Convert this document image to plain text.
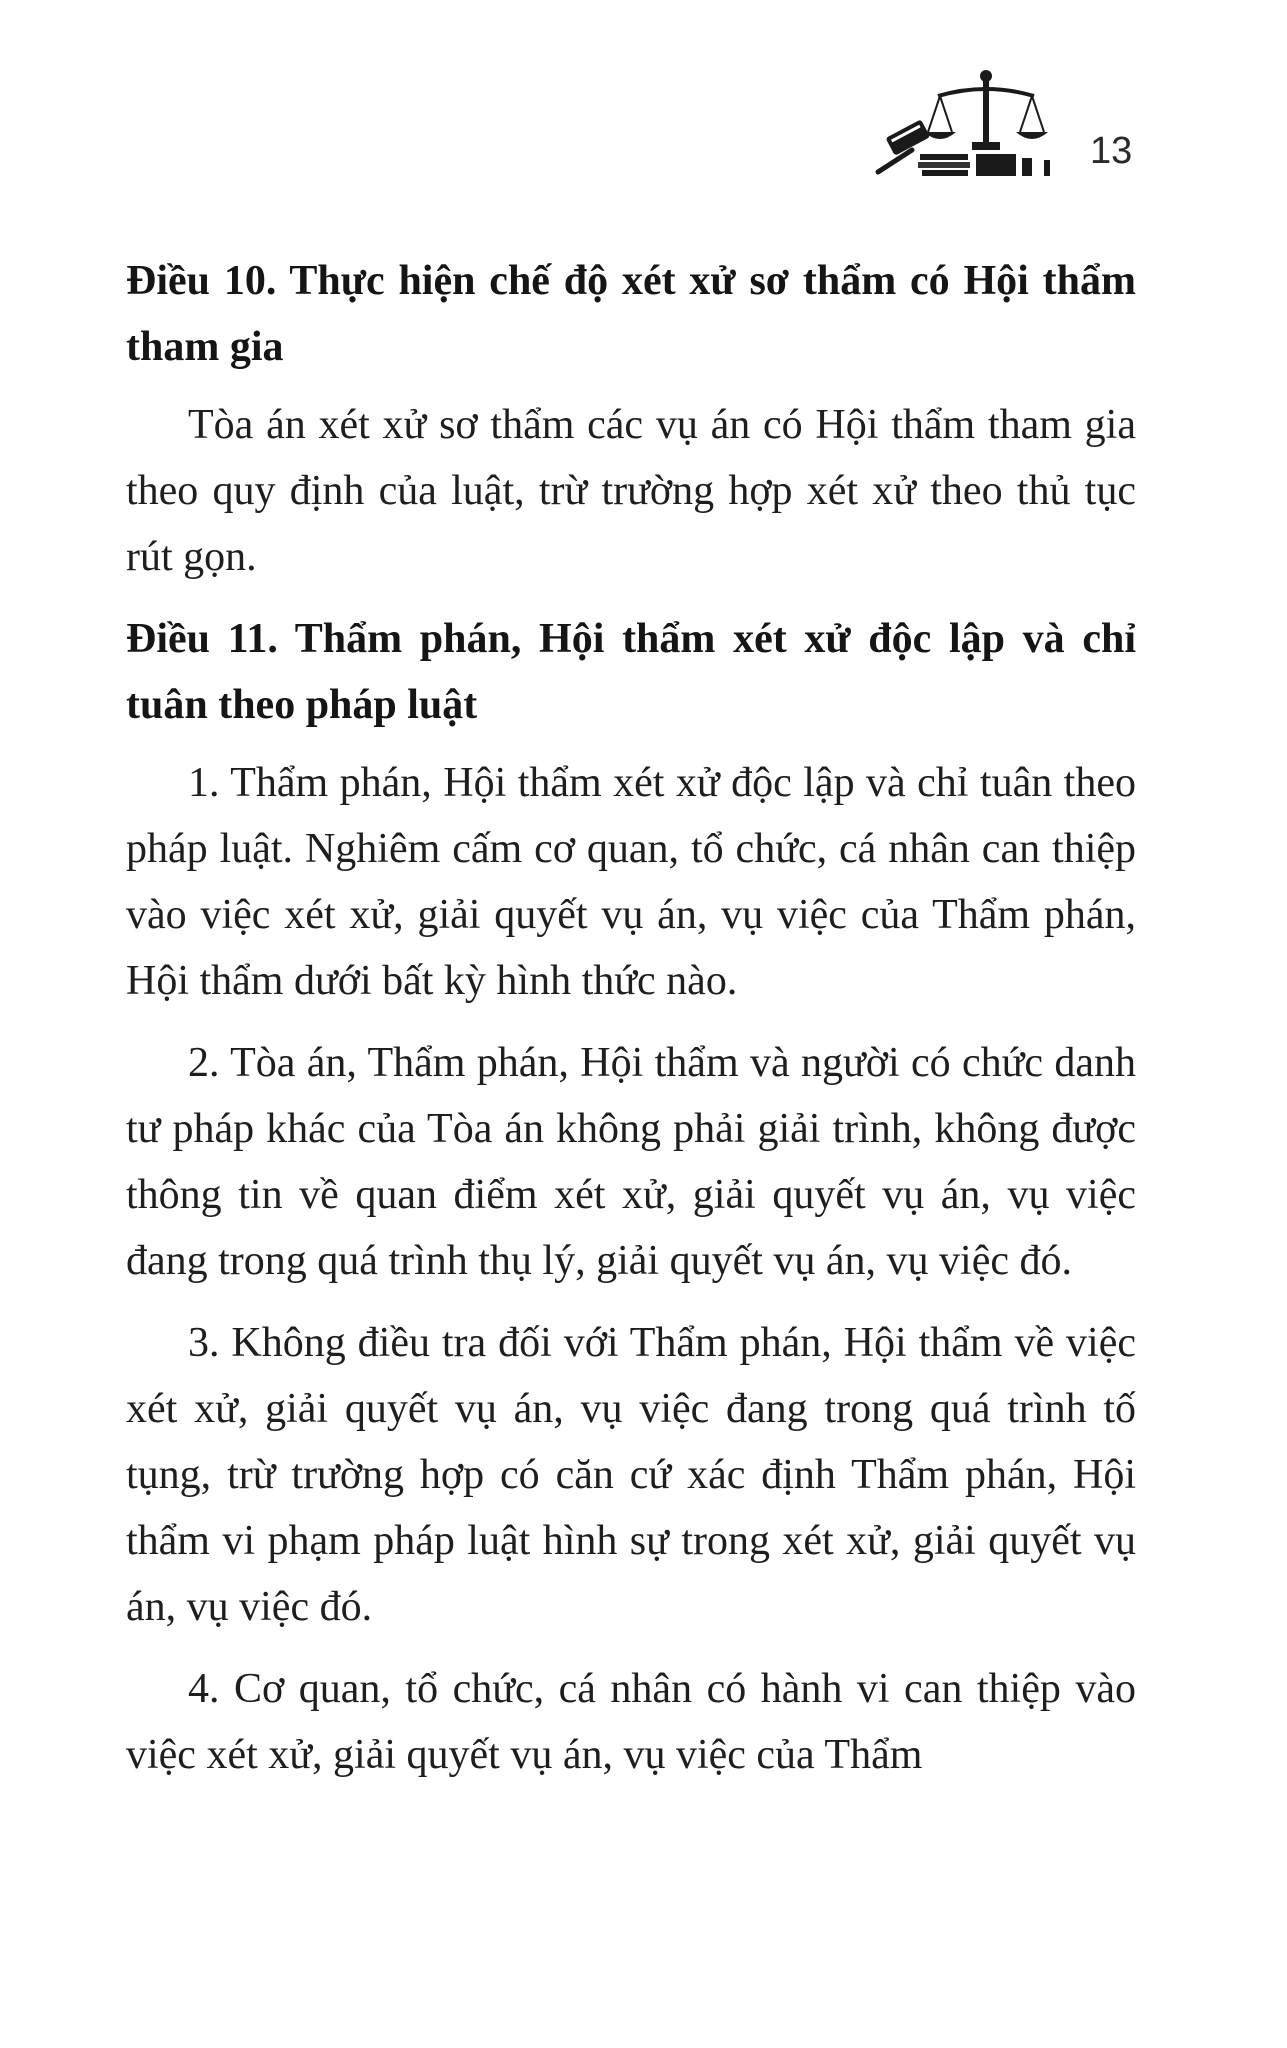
13
Điều 10. Thực hiện chế độ xét xử sơ thẩm có Hội thẩm tham gia

Tòa án xét xử sơ thẩm các vụ án có Hội thẩm tham gia theo quy định của luật, trừ trường hợp xét xử theo thủ tục rút gọn.

Điều 11. Thẩm phán, Hội thẩm xét xử độc lập và chỉ tuân theo pháp luật

1. Thẩm phán, Hội thẩm xét xử độc lập và chỉ tuân theo pháp luật. Nghiêm cấm cơ quan, tổ chức, cá nhân can thiệp vào việc xét xử, giải quyết vụ án, vụ việc của Thẩm phán, Hội thẩm dưới bất kỳ hình thức nào.

2. Tòa án, Thẩm phán, Hội thẩm và người có chức danh tư pháp khác của Tòa án không phải giải trình, không được thông tin về quan điểm xét xử, giải quyết vụ án, vụ việc đang trong quá trình thụ lý, giải quyết vụ án, vụ việc đó.

3. Không điều tra đối với Thẩm phán, Hội thẩm về việc xét xử, giải quyết vụ án, vụ việc đang trong quá trình tố tụng, trừ trường hợp có căn cứ xác định Thẩm phán, Hội thẩm vi phạm pháp luật hình sự trong xét xử, giải quyết vụ án, vụ việc đó.

4. Cơ quan, tổ chức, cá nhân có hành vi can thiệp vào việc xét xử, giải quyết vụ án, vụ việc của Thẩm
